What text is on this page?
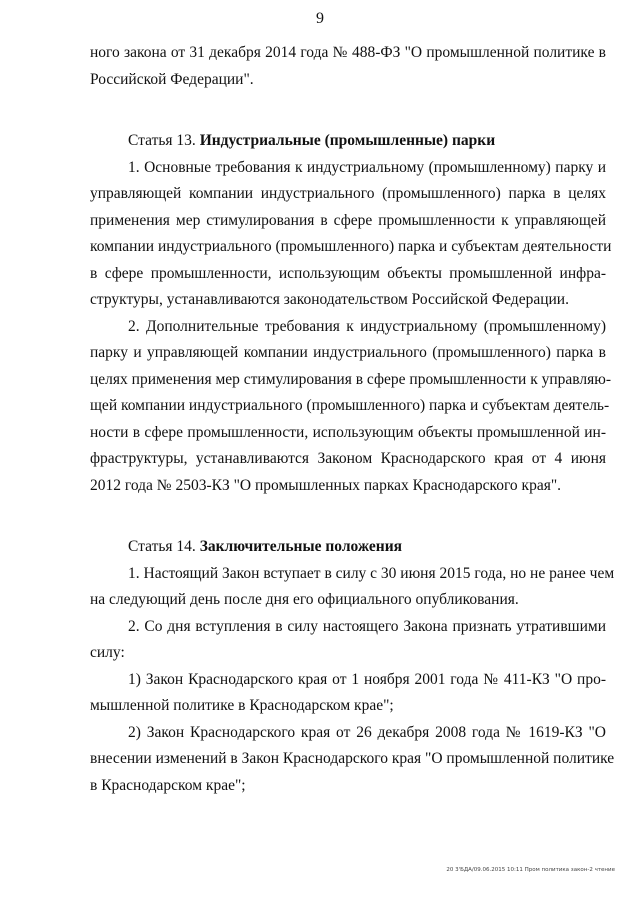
9
ного закона от 31 декабря 2014 года № 488-ФЗ "О промышленной политике в
Российской Федерации".
Статья 13. Индустриальные (промышленные) парки
1. Основные требования к индустриальному (промышленному) парку и
управляющей компании индустриального (промышленного) парка в целях
применения мер стимулирования в сфере промышленности к управляющей
компании индустриального (промышленного) парка и субъектам деятельности
в сфере промышленности, использующим объекты промышленной инфра-
структуры, устанавливаются законодательством Российской Федерации.
2. Дополнительные требования к индустриальному (промышленному)
парку и управляющей компании индустриального (промышленного) парка в
целях применения мер стимулирования в сфере промышленности к управляю-
щей компании индустриального (промышленного) парка и субъектам деятель-
ности в сфере промышленности, использующим объекты промышленной ин-
фраструктуры, устанавливаются Законом Краснодарского края от 4 июня
2012 года № 2503-КЗ "О промышленных парках Краснодарского края".
Статья 14. Заключительные положения
1. Настоящий Закон вступает в силу с 30 июня 2015 года, но не ранее чем
на следующий день после дня его официального опубликования.
2. Со дня вступления в силу настоящего Закона признать утратившими
силу:
1) Закон Краснодарского края от 1 ноября 2001 года № 411-КЗ "О про-
мышленной политике в Краснодарском крае";
2) Закон Краснодарского края от 26 декабря 2008 года № 1619-КЗ "О
внесении изменений в Закон Краснодарского края "О промышленной политике
в Краснодарском крае";
20 3'БДА/09.06.2015 10:11 Пром политика закон-2 чтение
